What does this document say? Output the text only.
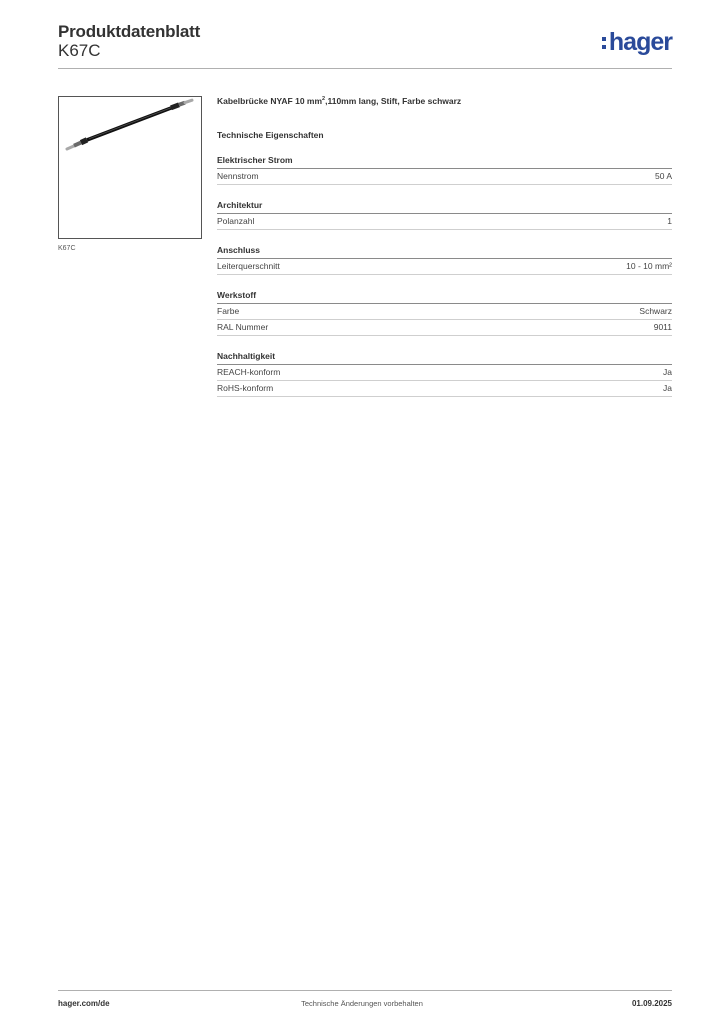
Produktdatenblatt
K67C	hager
K67C
Kabelbrücke NYAF 10 $mm^2,110mm$ lang, Stift, Farbe schwarz
Technische Eigenschaften
Elektrischer Strom
Nennstrom	50 A
Architektur
Polanzahl	1
Anschluss
Leiterquerschnitt	10 - 10 mm²
Werkstoff
Farbe	Schwarz
RAL Nummer	9011
Nachhaltigkeit
REACH-konform	Ja
RoHS-konform	Ja
hager.com/de	Technische Änderungen vorbehalten	01.09.2025
